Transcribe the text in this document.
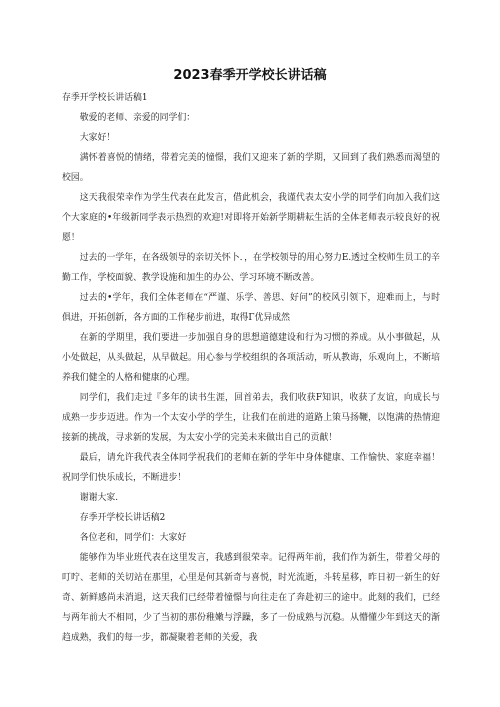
2023春季开学校长讲话稿

存季开学校长讲话稿1

敬爱的老师、亲爱的同学们：

大家好！

满怀着喜悦的情绪，带着完美的憧憬，我们又迎来了新的学期，又回到了我们熟悉而渴望的校园。

这天我很荣幸作为学生代表在此发言，借此机会，我谨代表太安小学的同学们向加入我们这个大家庭的•年级新同学表示热烈的欢迎!对即将开始新学期耕耘生活的全体老师表示较良好的祝愿！

过去的一学年，在各级领导的亲切关怀卜．，在学校领导的用心努力E.透过全校师生员工的辛勤工作，学校面貌、教学设施和加生的办公、学习环境不断改善。

过去的•学年，我们全体老师在“严谨、乐学、善思、好问”的校风引领下，迎难而上，与时俱进，开拓创新，各方面的工作秘步前进，取得Γ优异成然

在新的学期里，我们要进一步加强自身的思想道德建设和行为习惯的养成。从小事做起，从小处做起，从头做起，从早做起。用心参与学校组织的各项活动，听从教诲，乐观向上，不断培养我们健全的人格和健康的心理。

同学们，我们走过『多年的读书生涯，回首弟去，我们收获F知识，收获了友谊，向成长与成熟一步步迈进。作为一个太安小学的学生，让我们在前进的道路上策马扬鞭，以饱满的热情迎接新的挑战，寻求新的发展，为太安小学的完美未来做出自己的贡献！

最后，请允许我代表全体同学祝我们的老师在新的学年中身体健康、工作愉快、家庭幸福！祝同学们快乐成长，不断进步！

谢谢大家.

存季开学校长讲话稿2

各位老和，同学们：大家好

能够作为毕业班代表在这里发言，我感到很荣幸。记得两年前，我们作为新生，带着父母的叮咛、老师的关切站在那里，心里是何其新奇与喜悦，时光流逝，斗转星移，昨日初一新生的好奇、新鲜感尚未消退，这天我们已经带着憧憬与向往走在了奔赴初三的途中。此刻的我们，已经与两年前大不相同，少了当初的那份稚嫩与浮躁，多了一份成熟与沉稳。从懵懂少年到这天的渐趋成熟，我们的每一步，都凝聚着老师的关爱，我
